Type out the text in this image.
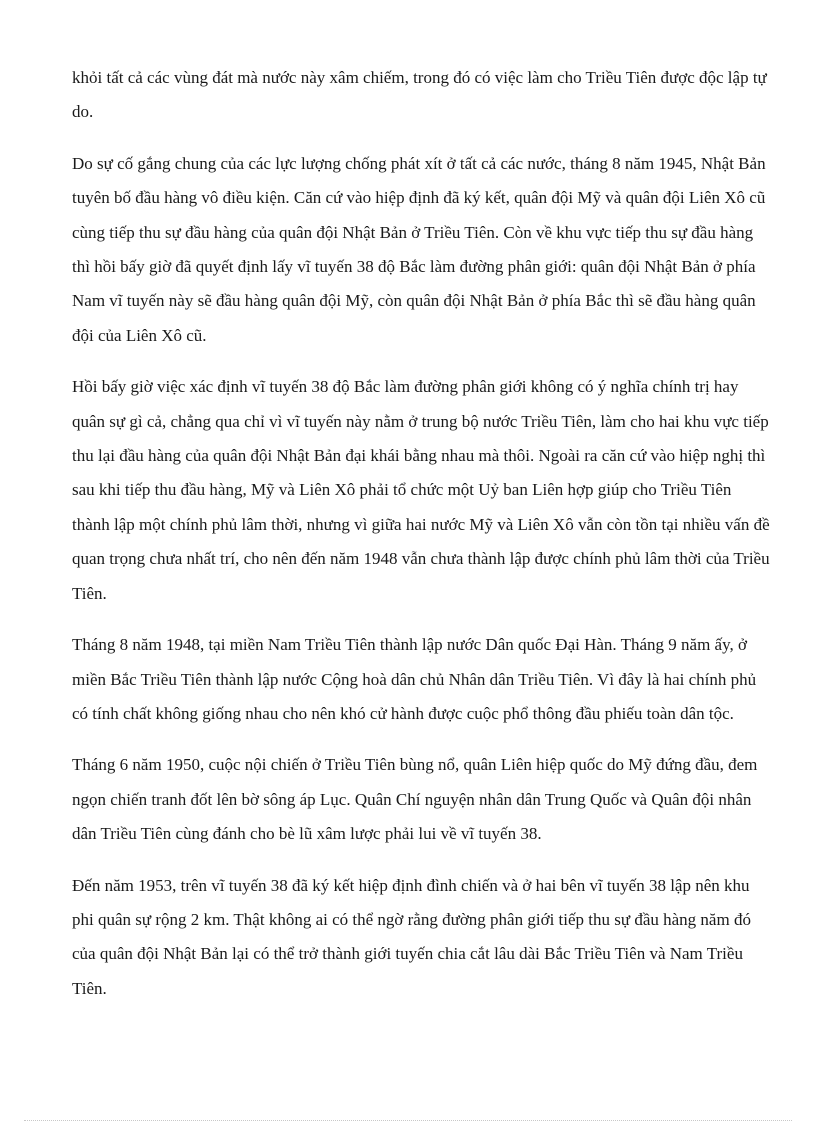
khỏi tất cả các vùng đát mà nước này xâm chiếm, trong đó có việc làm cho Triều Tiên được độc lập tự do.

Do sự cố gắng chung của các lực lượng chống phát xít ở tất cả các nước, tháng 8 năm 1945, Nhật Bản tuyên bố đầu hàng vô điều kiện. Căn cứ vào hiệp định đã ký kết, quân đội Mỹ và quân đội Liên Xô cũ cùng tiếp thu sự đầu hàng của quân đội Nhật Bản ở Triều Tiên. Còn về khu vực tiếp thu sự đầu hàng thì hồi bấy giờ đã quyết định lấy vĩ tuyến 38 độ Bắc làm đường phân giới: quân đội Nhật Bản ở phía Nam vĩ tuyến này sẽ đầu hàng quân đội Mỹ, còn quân đội Nhật Bản ở phía Bắc thì sẽ đầu hàng quân đội của Liên Xô cũ.

Hồi bấy giờ việc xác định vĩ tuyến 38 độ Bắc làm đường phân giới không có ý nghĩa chính trị hay quân sự gì cả, chẳng qua chỉ vì vĩ tuyến này nằm ở trung bộ nước Triều Tiên, làm cho hai khu vực tiếp thu lại đầu hàng của quân đội Nhật Bản đại khái bằng nhau mà thôi. Ngoài ra căn cứ vào hiệp nghị thì sau khi tiếp thu đầu hàng, Mỹ và Liên Xô phải tổ chức một Uỷ ban Liên hợp giúp cho Triều Tiên thành lập một chính phủ lâm thời, nhưng vì giữa hai nước Mỹ và Liên Xô vẫn còn tồn tại nhiều vấn đề quan trọng chưa nhất trí, cho nên đến năm 1948 vẫn chưa thành lập được chính phủ lâm thời của Triều Tiên.

Tháng 8 năm 1948, tại miền Nam Triều Tiên thành lập nước Dân quốc Đại Hàn. Tháng 9 năm ấy, ở miền Bắc Triều Tiên thành lập nước Cộng hoà dân chủ Nhân dân Triều Tiên. Vì đây là hai chính phủ có tính chất không giống nhau cho nên khó cử hành được cuộc phổ thông đầu phiếu toàn dân tộc.

Tháng 6 năm 1950, cuộc nội chiến ở Triều Tiên bùng nổ, quân Liên hiệp quốc do Mỹ đứng đầu, đem ngọn chiến tranh đốt lên bờ sông áp Lục. Quân Chí nguyện nhân dân Trung Quốc và Quân đội nhân dân Triều Tiên cùng đánh cho bè lũ xâm lược phải lui về vĩ tuyến 38.

Đến năm 1953, trên vĩ tuyến 38 đã ký kết hiệp định đình chiến và ở hai bên vĩ tuyến 38 lập nên khu phi quân sự rộng 2 km. Thật không ai có thể ngờ rằng đường phân giới tiếp thu sự đầu hàng năm đó của quân đội Nhật Bản lại có thể trở thành giới tuyến chia cắt lâu dài Bắc Triều Tiên và Nam Triều Tiên.
